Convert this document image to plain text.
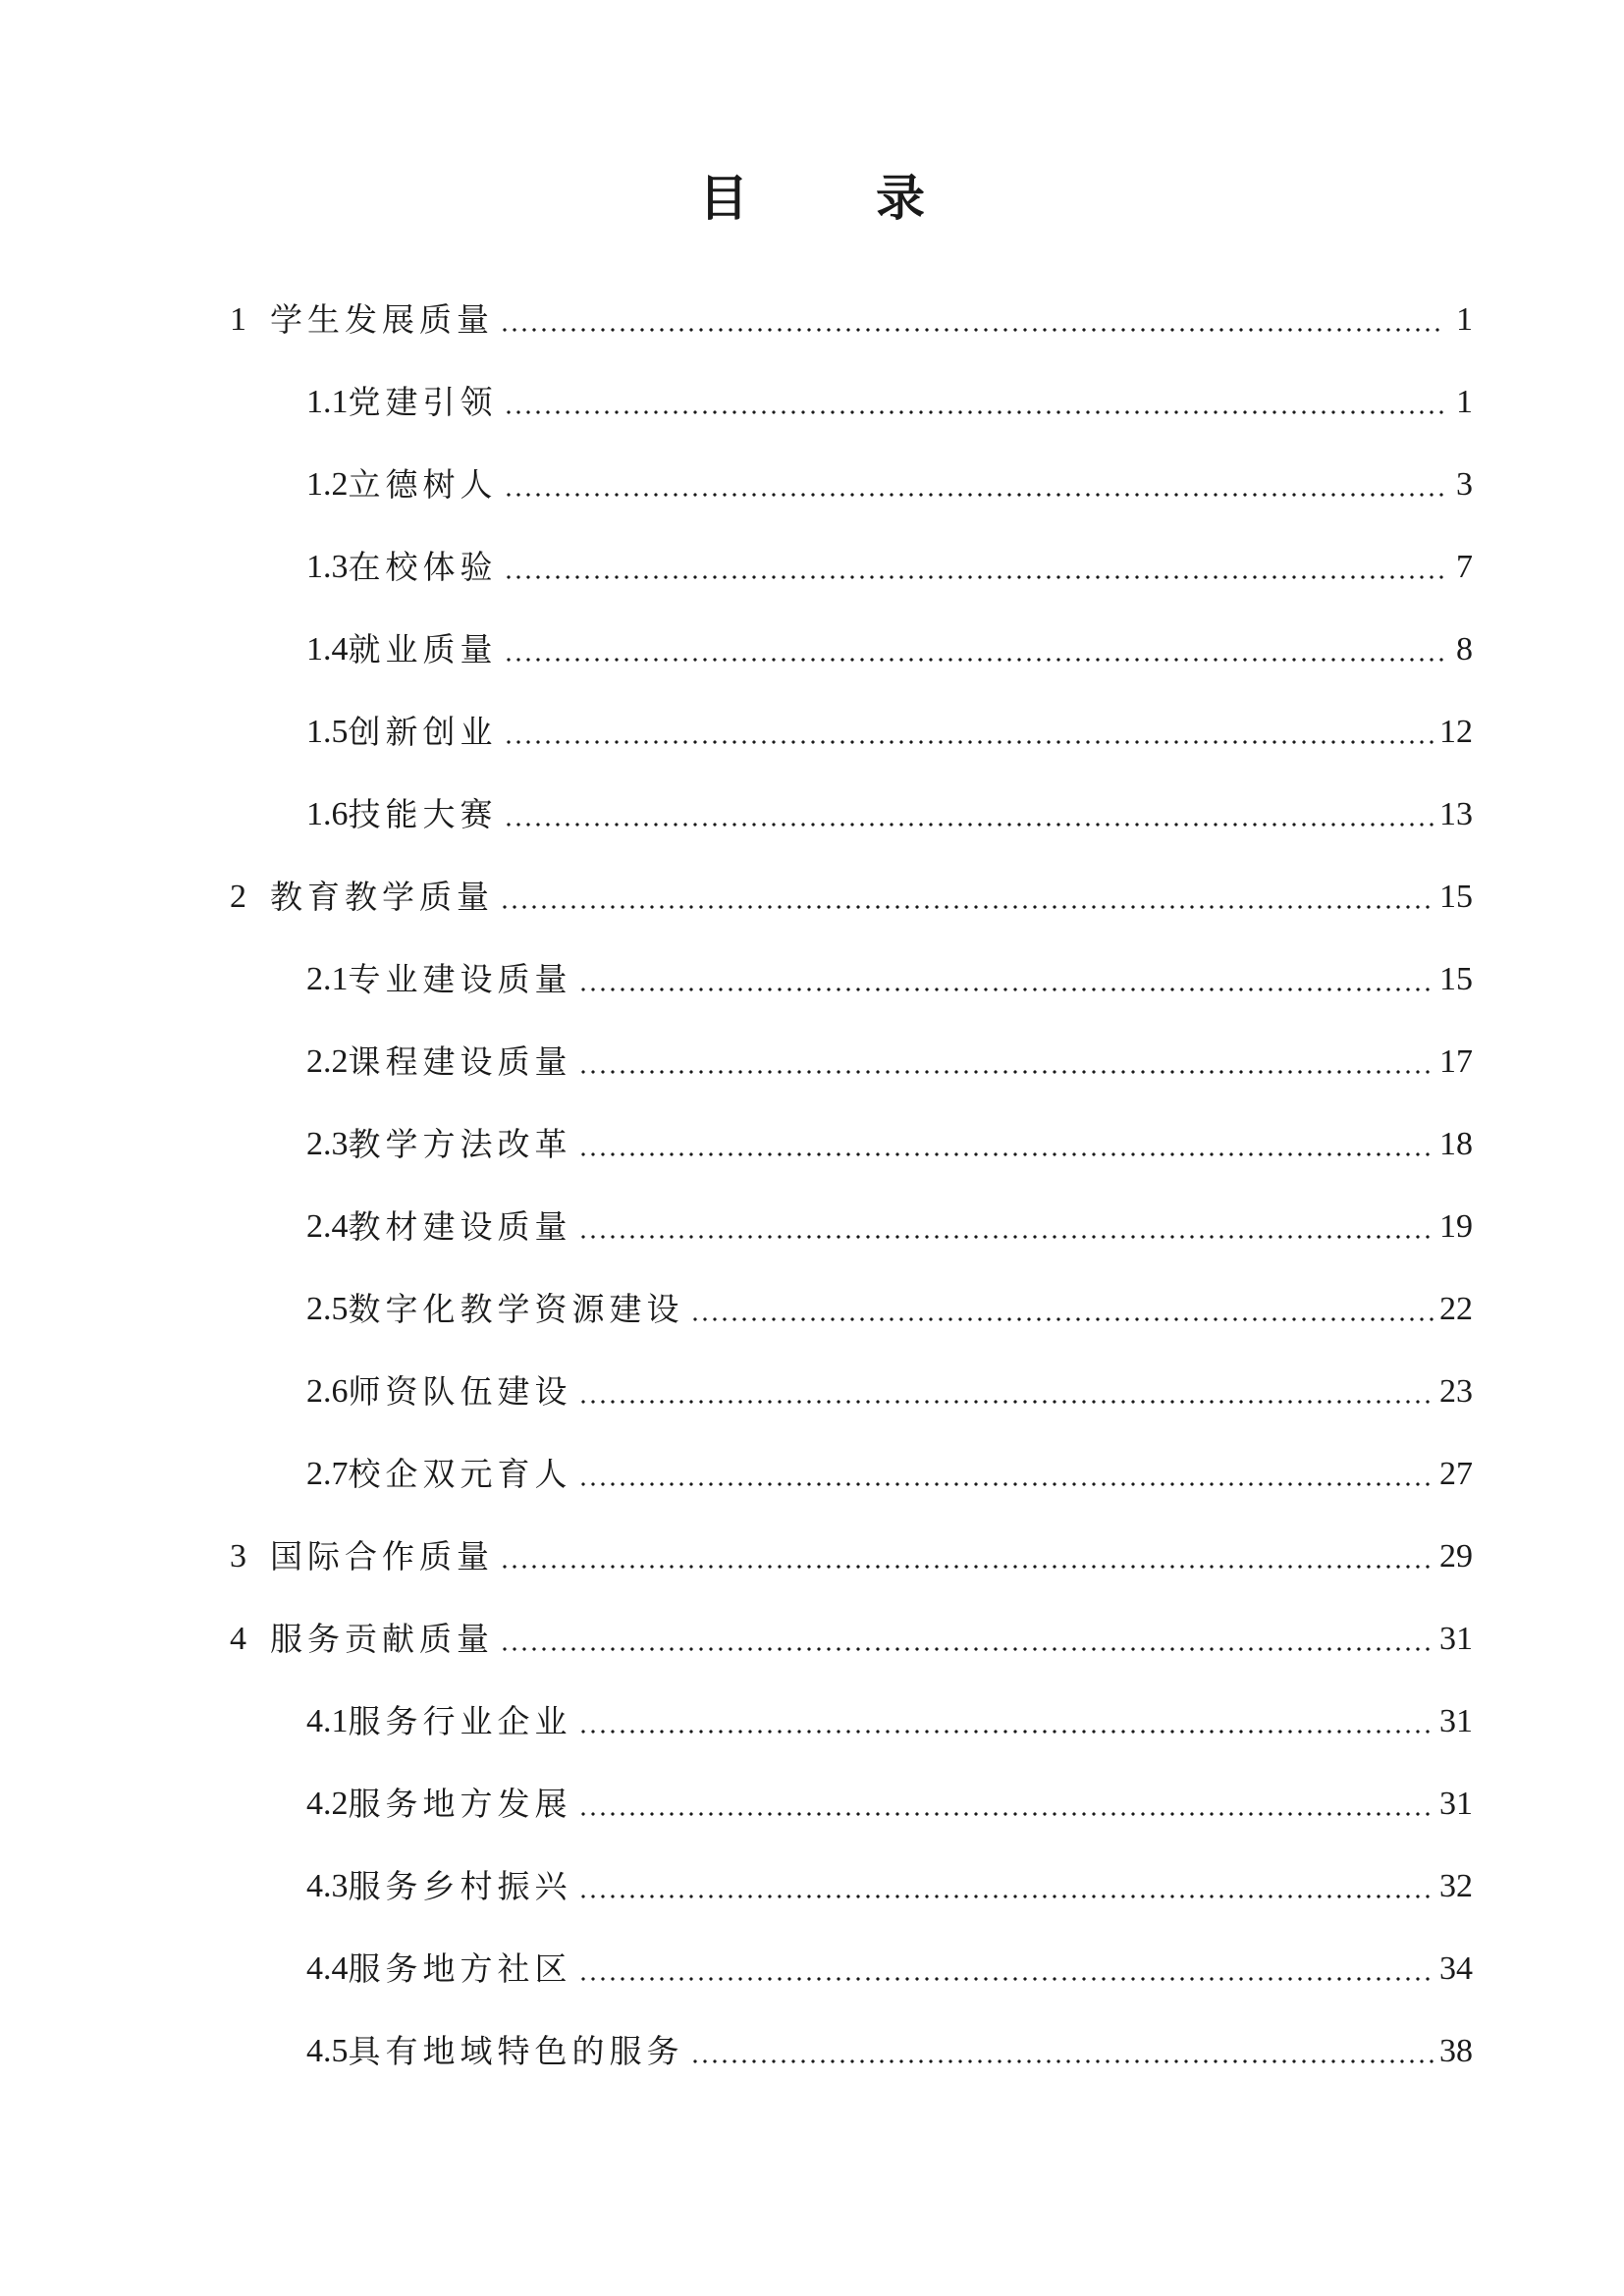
目　录
1 学生发展质量	1
1.1 党建引领	1
1.2 立德树人	3
1.3 在校体验	7
1.4 就业质量	8
1.5 创新创业	12
1.6 技能大赛	13
2 教育教学质量	15
2.1 专业建设质量	15
2.2 课程建设质量	17
2.3 教学方法改革	18
2.4 教材建设质量	19
2.5 数字化教学资源建设	22
2.6 师资队伍建设	23
2.7 校企双元育人	27
3 国际合作质量	29
4 服务贡献质量	31
4.1 服务行业企业	31
4.2 服务地方发展	31
4.3 服务乡村振兴	32
4.4 服务地方社区	34
4.5 具有地域特色的服务	38
